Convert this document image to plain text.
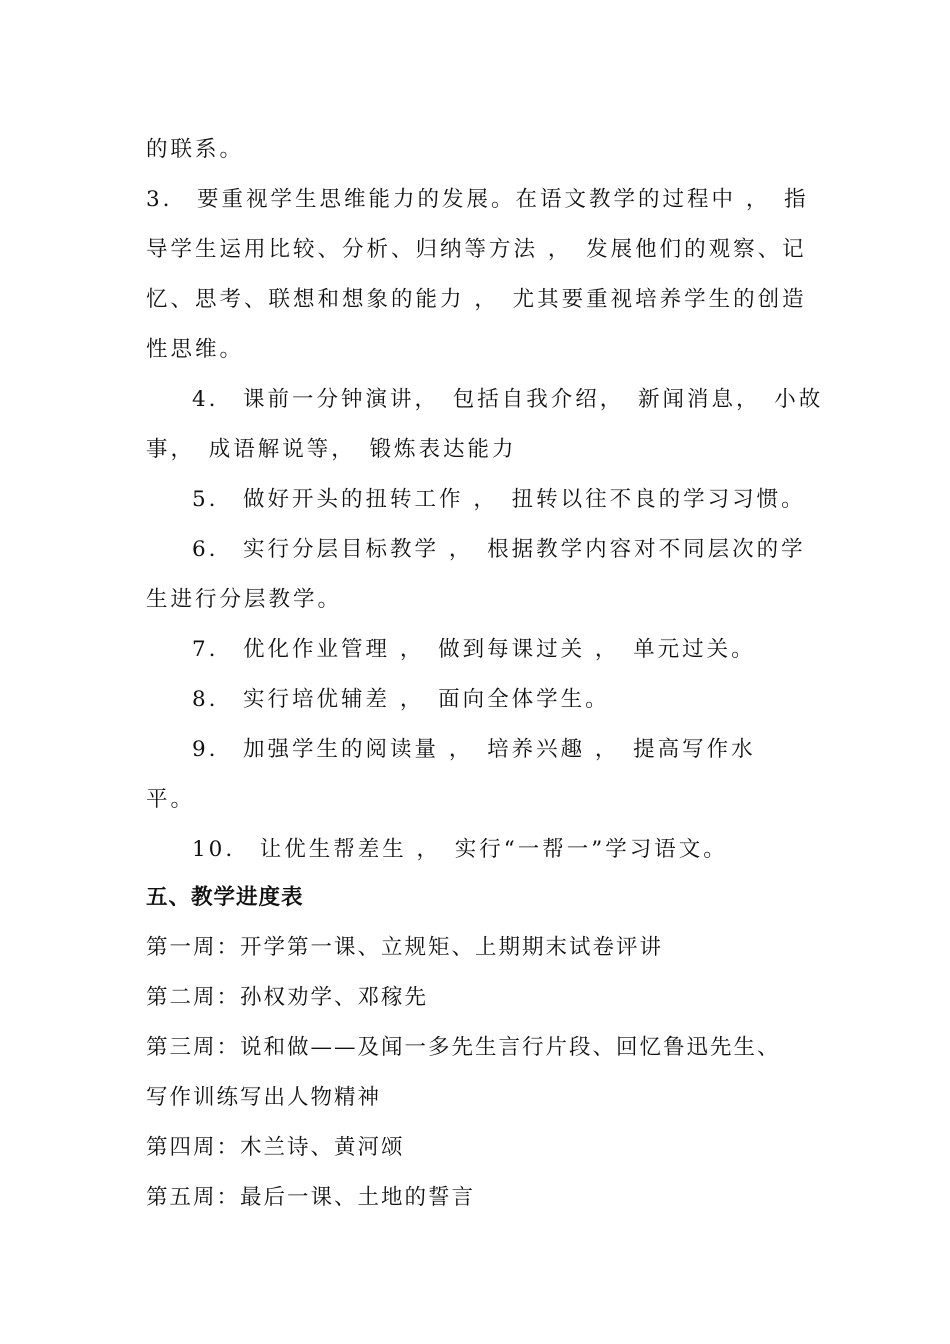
的联系。
3.　要重视学生思维能力的发展。在语文教学的过程中 ，　指
导学生运用比较、分析、归纳等方法 ，　发展他们的观察、记
忆、思考、联想和想象的能力 ，　尤其要重视培养学生的创造
性思维。
4.　课前一分钟演讲，　包括自我介绍，　新闻消息，　小故
事，　成语解说等，　锻炼表达能力
5.　做好开头的扭转工作 ，　扭转以往不良的学习习惯。
6.　实行分层目标教学 ，　根据教学内容对不同层次的学
生进行分层教学。
7.　优化作业管理 ，　做到每课过关 ，　单元过关。
8.　实行培优辅差 ，　面向全体学生。
9.　加强学生的阅读量 ，　培养兴趣 ，　提高写作水
平。
10.　让优生帮差生 ，　实行“一帮一”学习语文。
五、教学进度表
第一周：开学第一课、立规矩、上期期末试卷评讲
第二周：孙权劝学、邓稼先
第三周：说和做——及闻一多先生言行片段、回忆鲁迅先生、
写作训练写出人物精神
第四周：木兰诗、黄河颂
第五周：最后一课、土地的誓言
